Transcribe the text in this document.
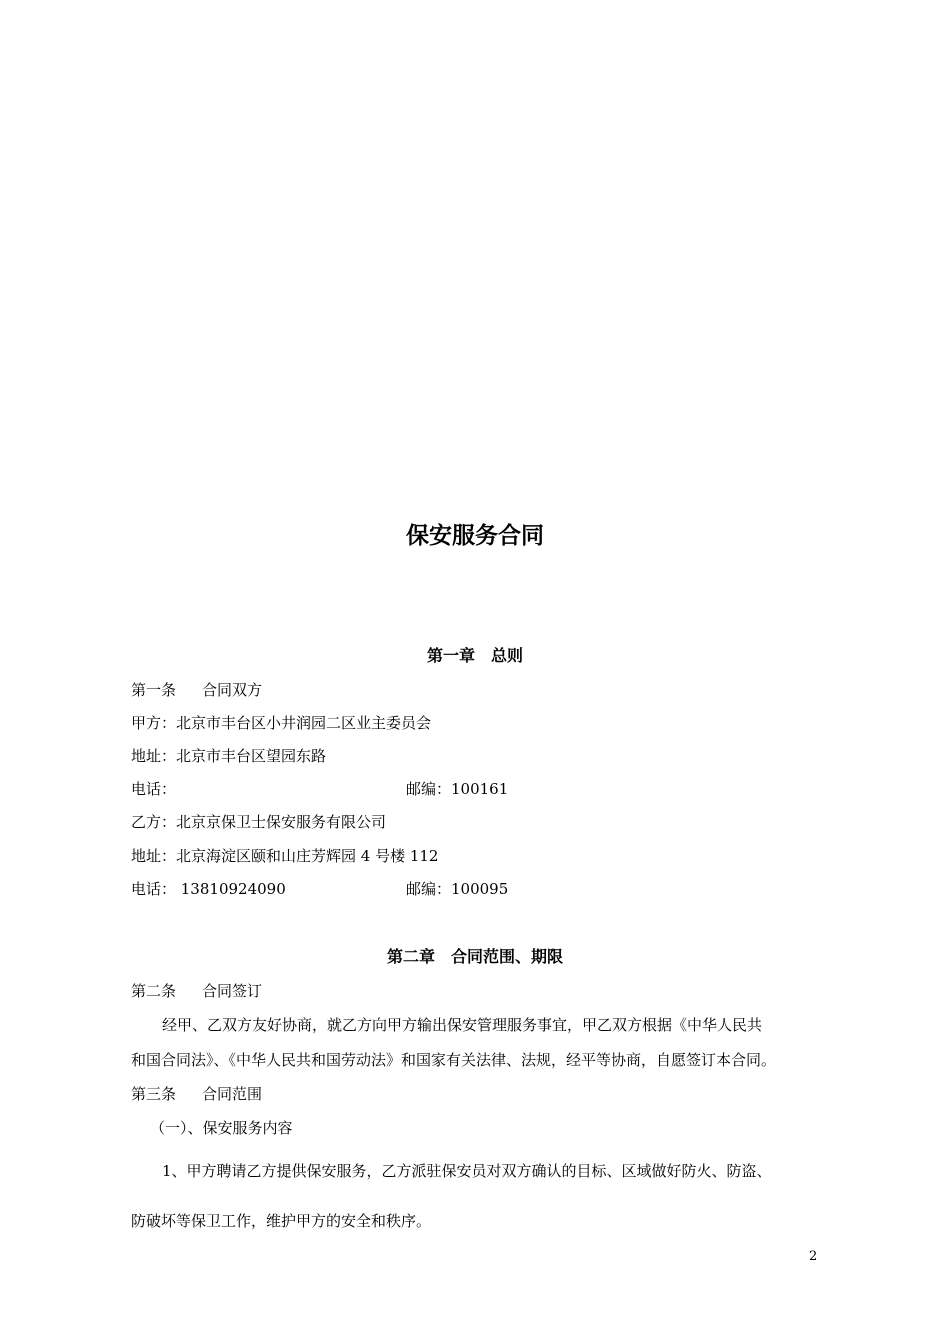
保安服务合同
第一章　总则
第一条 合同双方
甲方：北京市丰台区小井润园二区业主委员会
地址：北京市丰台区望园东路
电话：	邮编：100161
乙方：北京京保卫士保安服务有限公司
地址：北京海淀区颐和山庄芳辉园 4 号楼 112
电话： 13810924090	邮编：100095
第二章　合同范围、期限
第二条 合同签订
经甲、乙双方友好协商，就乙方向甲方输出保安管理服务事宜，甲乙双方根据《中华人民共
和国合同法》、《中华人民共和国劳动法》和国家有关法律、法规，经平等协商，自愿签订本合同。
第三条 合同范围
（一）、保安服务内容
1、甲方聘请乙方提供保安服务，乙方派驻保安员对双方确认的目标、区域做好防火、防盗、
防破坏等保卫工作，维护甲方的安全和秩序。
2
